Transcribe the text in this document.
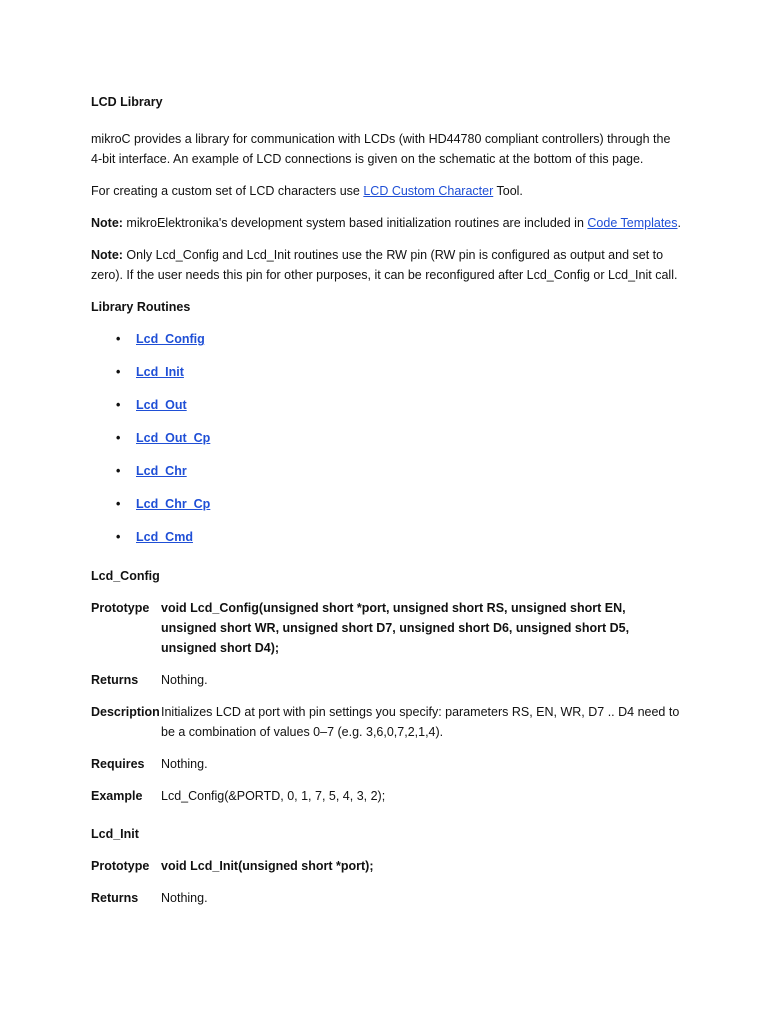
LCD Library

mikroC provides a library for communication with LCDs (with HD44780 compliant controllers) through the 4-bit interface. An example of LCD connections is given on the schematic at the bottom of this page.

For creating a custom set of LCD characters use LCD Custom Character Tool.

Note: mikroElektronika's development system based initialization routines are included in Code Templates.

Note: Only Lcd_Config and Lcd_Init routines use the RW pin (RW pin is configured as output and set to zero). If the user needs this pin for other purposes, it can be reconfigured after Lcd_Config or Lcd_Init call.

Library Routines
• Lcd_Config
• Lcd_Init
• Lcd_Out
• Lcd_Out_Cp
• Lcd_Chr
• Lcd_Chr_Cp
• Lcd_Cmd
Lcd_Config
Prototype	void Lcd_Config(unsigned short *port, unsigned short RS, unsigned short EN, unsigned short WR, unsigned short D7, unsigned short D6, unsigned short D5, unsigned short D4);
Returns	Nothing.
Description	Initializes LCD at port with pin settings you specify: parameters RS, EN, WR, D7 .. D4 need to be a combination of values 0–7 (e.g. 3,6,0,7,2,1,4).
Requires	Nothing.
Example	Lcd_Config(&PORTD, 0, 1, 7, 5, 4, 3, 2);
Lcd_Init
Prototype	void Lcd_Init(unsigned short *port);
Returns	Nothing.
